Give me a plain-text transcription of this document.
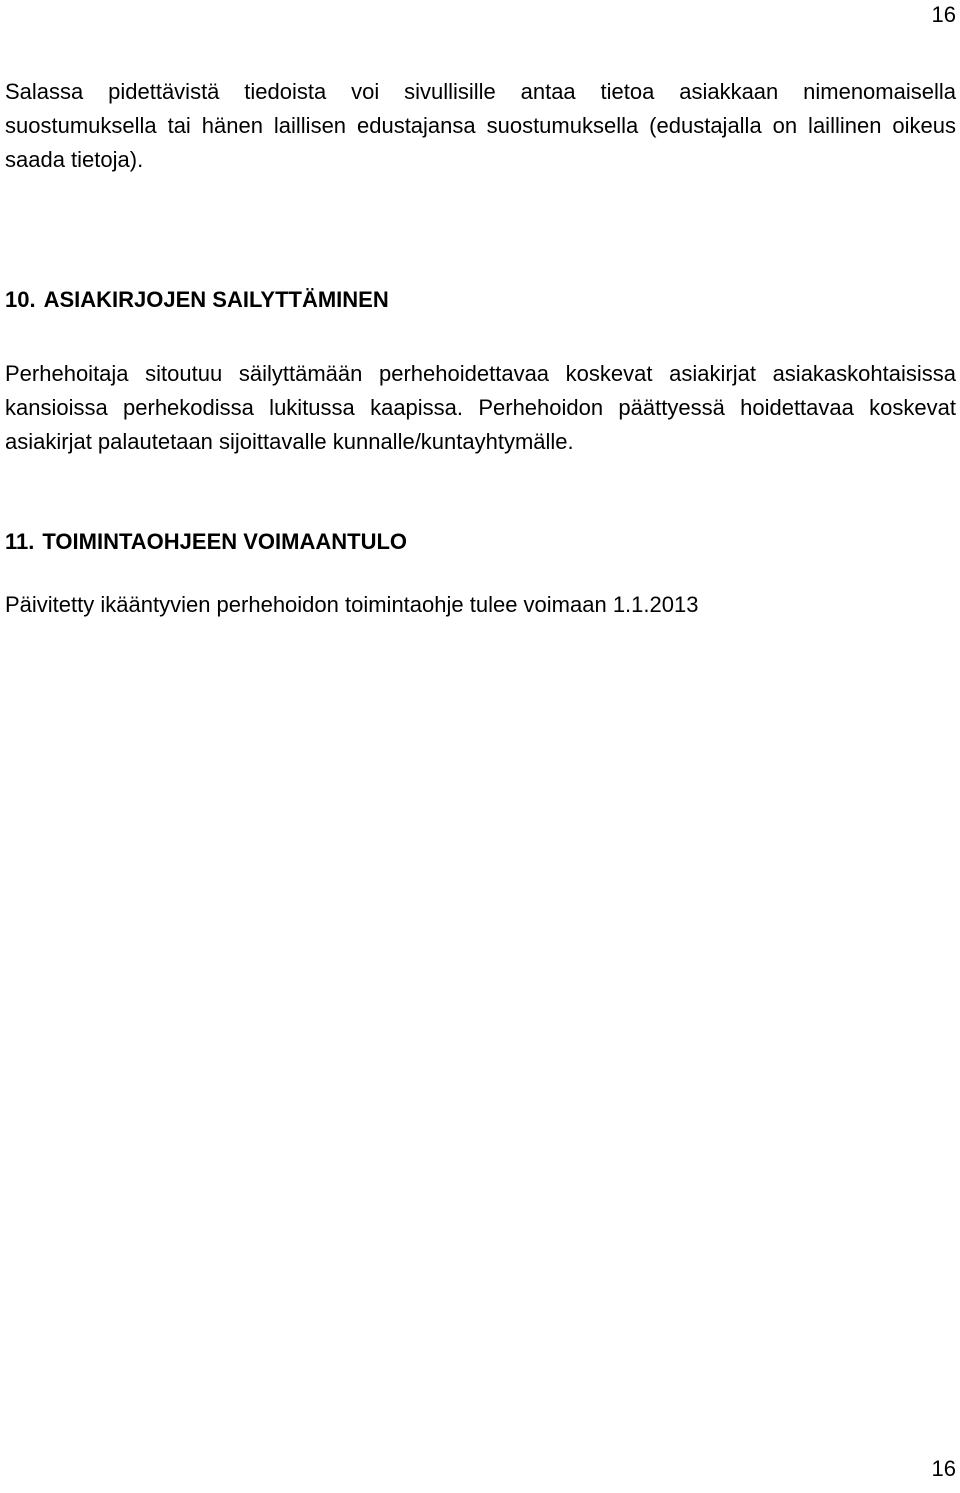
16

Salassa pidettävistä tiedoista voi sivullisille antaa tietoa asiakkaan nimenomaisella suostumuksella tai hänen laillisen edustajansa suostumuksella (edustajalla on laillinen oikeus saada tietoja).

10. ASIAKIRJOJEN SAILYTTÄMINEN

Perhehoitaja sitoutuu säilyttämään perhehoidettavaa koskevat asiakirjat asiakaskohtaisissa kansioissa perhekodissa lukitussa kaapissa. Perhehoidon päättyessä hoidettavaa koskevat asiakirjat palautetaan sijoittavalle kunnalle/kuntayhtymälle.

11. TOIMINTAOHJEEN VOIMAANTULO

Päivitetty ikääntyvien perhehoidon toimintaohje tulee voimaan 1.1.2013

16
